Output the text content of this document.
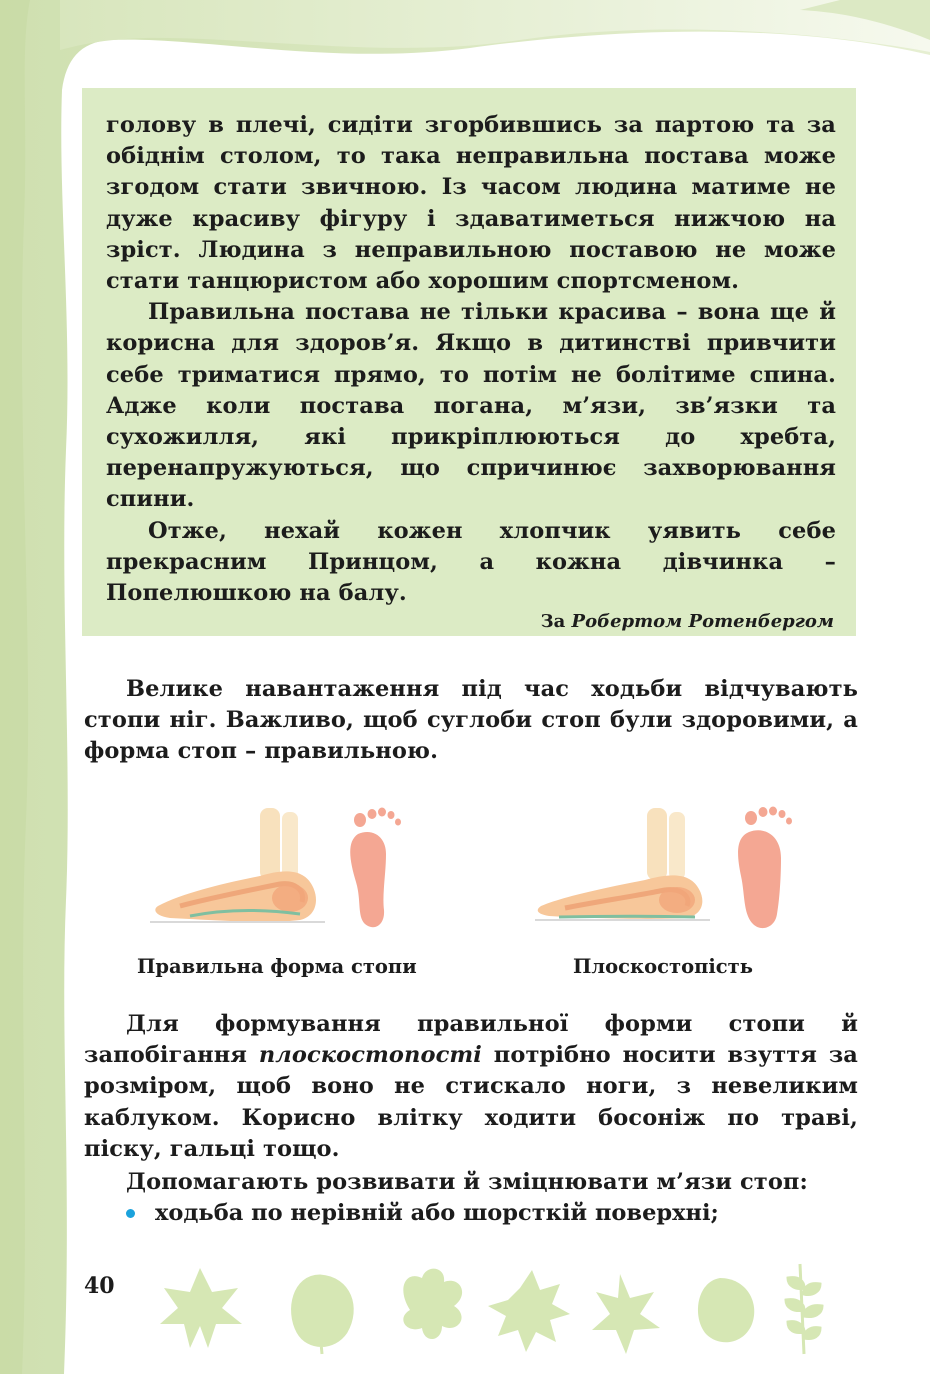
голову в плечі, сидіти згорбившись за партою та за обіднім столом, то така неправильна постава може згодом стати звичною. Із часом людина матиме не дуже красиву фігуру і здаватиметься нижчою на зріст. Людина з неправильною поставою не може стати танцюристом або хорошим спортсменом.

Правильна постава не тільки красива – вона ще й корисна для здоров’я. Якщо в дитинстві привчити себе триматися прямо, то потім не болітиме спина. Адже коли постава погана, м’язи, зв’язки та сухожилля, які прикріплюються до хребта, перенапружуються, що спричинює захворювання спини.

Отже, нехай кожен хлопчик уявить себе прекрасним Принцом, а кожна дівчинка – Попелюшкою на балу.

За Робертом Ротенбергом

Велике навантаження під час ходьби відчувають стопи ніг. Важливо, щоб суглоби стоп були здоровими, а форма стоп – правильною.

Правильна форма стопи	Плоскостопість

Для формування правильної форми стопи й запобігання плоскостопості потрібно носити взуття за розміром, щоб воно не стискало ноги, з невеликим каблуком. Корисно влітку ходити босоніж по траві, піску, гальці тощо.

Допомагають розвивати й зміцнювати м’язи стоп:

ходьба по нерівній або шорсткій поверхні;
40
